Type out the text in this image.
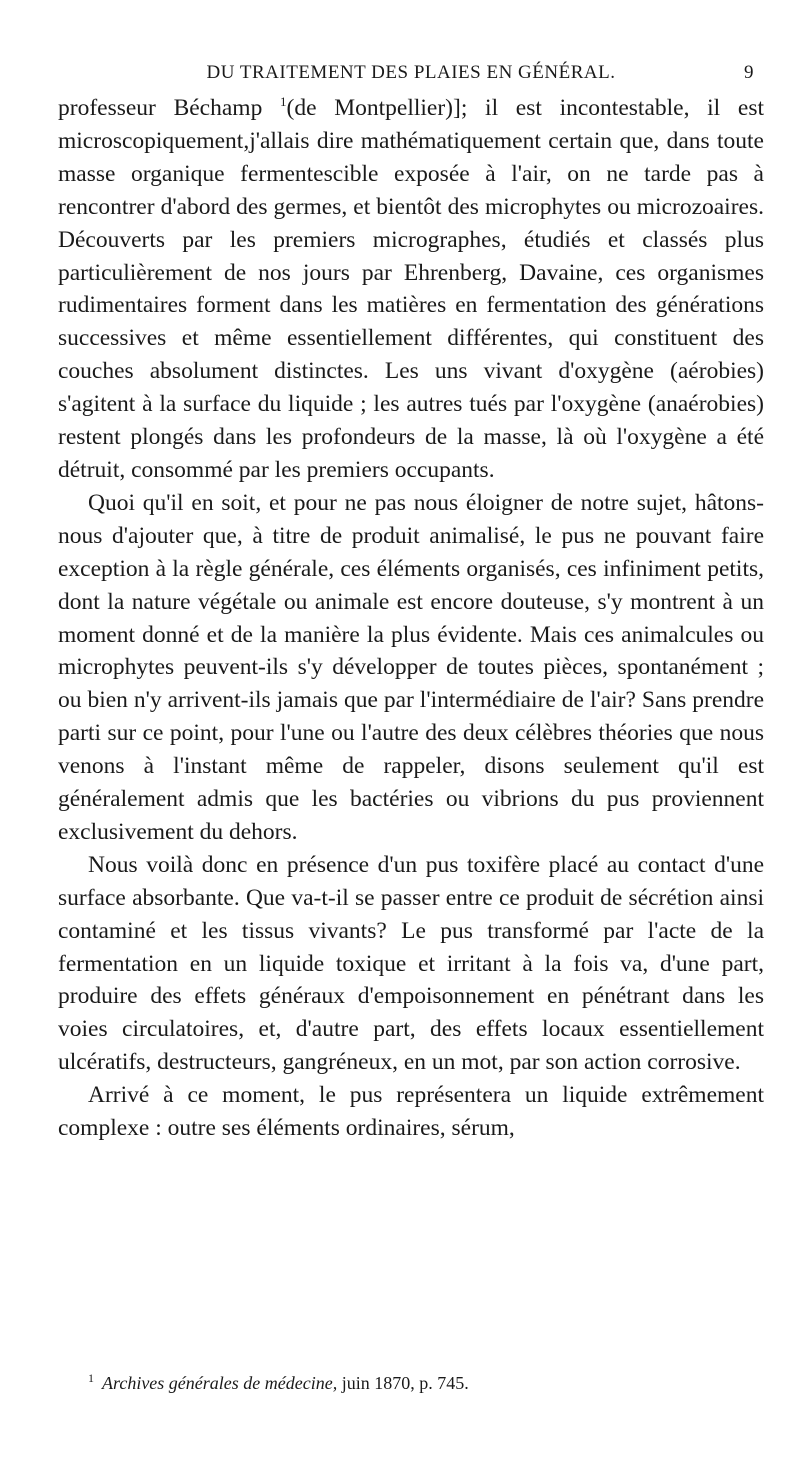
DU TRAITEMENT DES PLAIES EN GÉNÉRAL.	9

professeur Béchamp $^1$(de Montpellier)]; il est incontestable, il est microscopiquement,j'allais dire mathématiquement certain que, dans toute masse organique fermentescible exposée à l'air, on ne tarde pas à rencontrer d'abord des germes, et bientôt des microphytes ou microzoaires. Découverts par les premiers micrographes, étudiés et classés plus particulièrement de nos jours par Ehrenberg, Davaine, ces organismes rudimentaires forment dans les matières en fermentation des générations successives et même essentiellement différentes, qui constituent des couches absolument distinctes. Les uns vivant d'oxygène (aérobies) s'agitent à la surface du liquide ; les autres tués par l'oxygène (anaérobies) restent plongés dans les profondeurs de la masse, là où l'oxygène a été détruit, consommé par les premiers occupants.

Quoi qu'il en soit, et pour ne pas nous éloigner de notre sujet, hâtons-nous d'ajouter que, à titre de produit animalisé, le pus ne pouvant faire exception à la règle générale, ces éléments organisés, ces infiniment petits, dont la nature végétale ou animale est encore douteuse, s'y montrent à un moment donné et de la manière la plus évidente. Mais ces animalcules ou microphytes peuvent-ils s'y développer de toutes pièces, spontanément ; ou bien n'y arrivent-ils jamais que par l'intermédiaire de l'air? Sans prendre parti sur ce point, pour l'une ou l'autre des deux célèbres théories que nous venons à l'instant même de rappeler, disons seulement qu'il est généralement admis que les bactéries ou vibrions du pus proviennent exclusivement du dehors.

Nous voilà donc en présence d'un pus toxifère placé au contact d'une surface absorbante. Que va-t-il se passer entre ce produit de sécrétion ainsi contaminé et les tissus vivants? Le pus transformé par l'acte de la fermentation en un liquide toxique et irritant à la fois va, d'une part, produire des effets généraux d'empoisonnement en pénétrant dans les voies circulatoires, et, d'autre part, des effets locaux essentiellement ulcératifs, destructeurs, gangréneux, en un mot, par son action corrosive.

Arrivé à ce moment, le pus représentera un liquide extrêmement complexe : outre ses éléments ordinaires, sérum,

$^1$ Archives générales de médecine, juin 1870, p. 745.
